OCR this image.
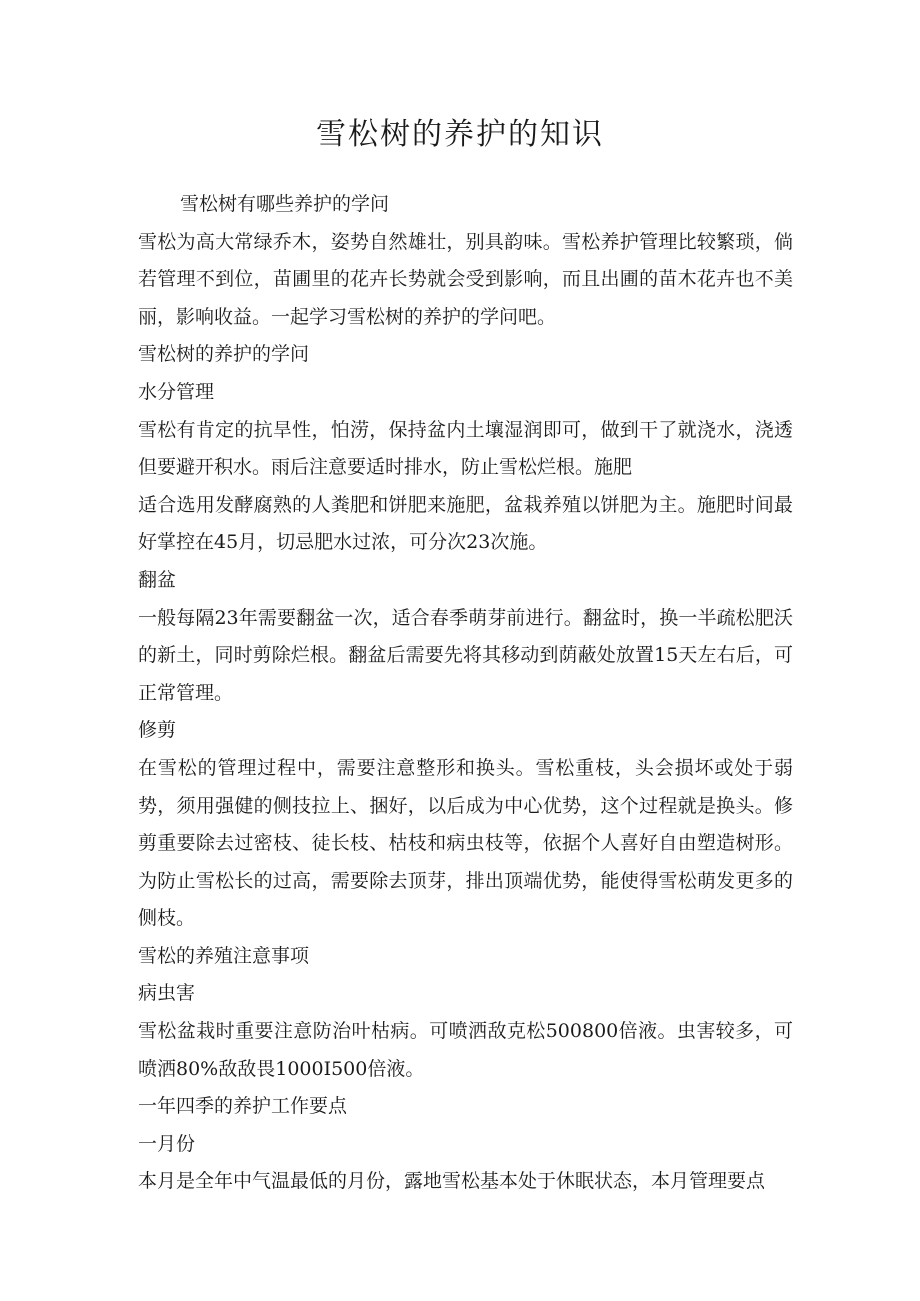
雪松树的养护的知识

雪松树有哪些养护的学问

雪松为高大常绿乔木，姿势自然雄壮，别具韵味。雪松养护管理比较繁琐，倘若管理不到位，苗圃里的花卉长势就会受到影响，而且出圃的苗木花卉也不美丽，影响收益。一起学习雪松树的养护的学问吧。

雪松树的养护的学问

水分管理

雪松有肯定的抗旱性，怕涝，保持盆内土壤湿润即可，做到干了就浇水，浇透但要避开积水。雨后注意要适时排水，防止雪松烂根。施肥

适合选用发酵腐熟的人粪肥和饼肥来施肥，盆栽养殖以饼肥为主。施肥时间最好掌控在45月，切忌肥水过浓，可分次23次施。

翻盆

一般每隔23年需要翻盆一次，适合春季萌芽前进行。翻盆时，换一半疏松肥沃的新土，同时剪除烂根。翻盆后需要先将其移动到荫蔽处放置15天左右后，可正常管理。

修剪

在雪松的管理过程中，需要注意整形和换头。雪松重枝，头会损坏或处于弱势，须用强健的侧技拉上、捆好，以后成为中心优势，这个过程就是换头。修剪重要除去过密枝、徒长枝、枯枝和病虫枝等，依据个人喜好自由塑造树形。为防止雪松长的过高，需要除去顶芽，排出顶端优势，能使得雪松萌发更多的侧枝。

雪松的养殖注意事项

病虫害

雪松盆栽时重要注意防治叶枯病。可喷洒敌克松500800倍液。虫害较多，可喷洒80%敌敌畏1000I500倍液。

一年四季的养护工作要点

一月份

本月是全年中气温最低的月份，露地雪松基本处于休眠状态，本月管理要点
